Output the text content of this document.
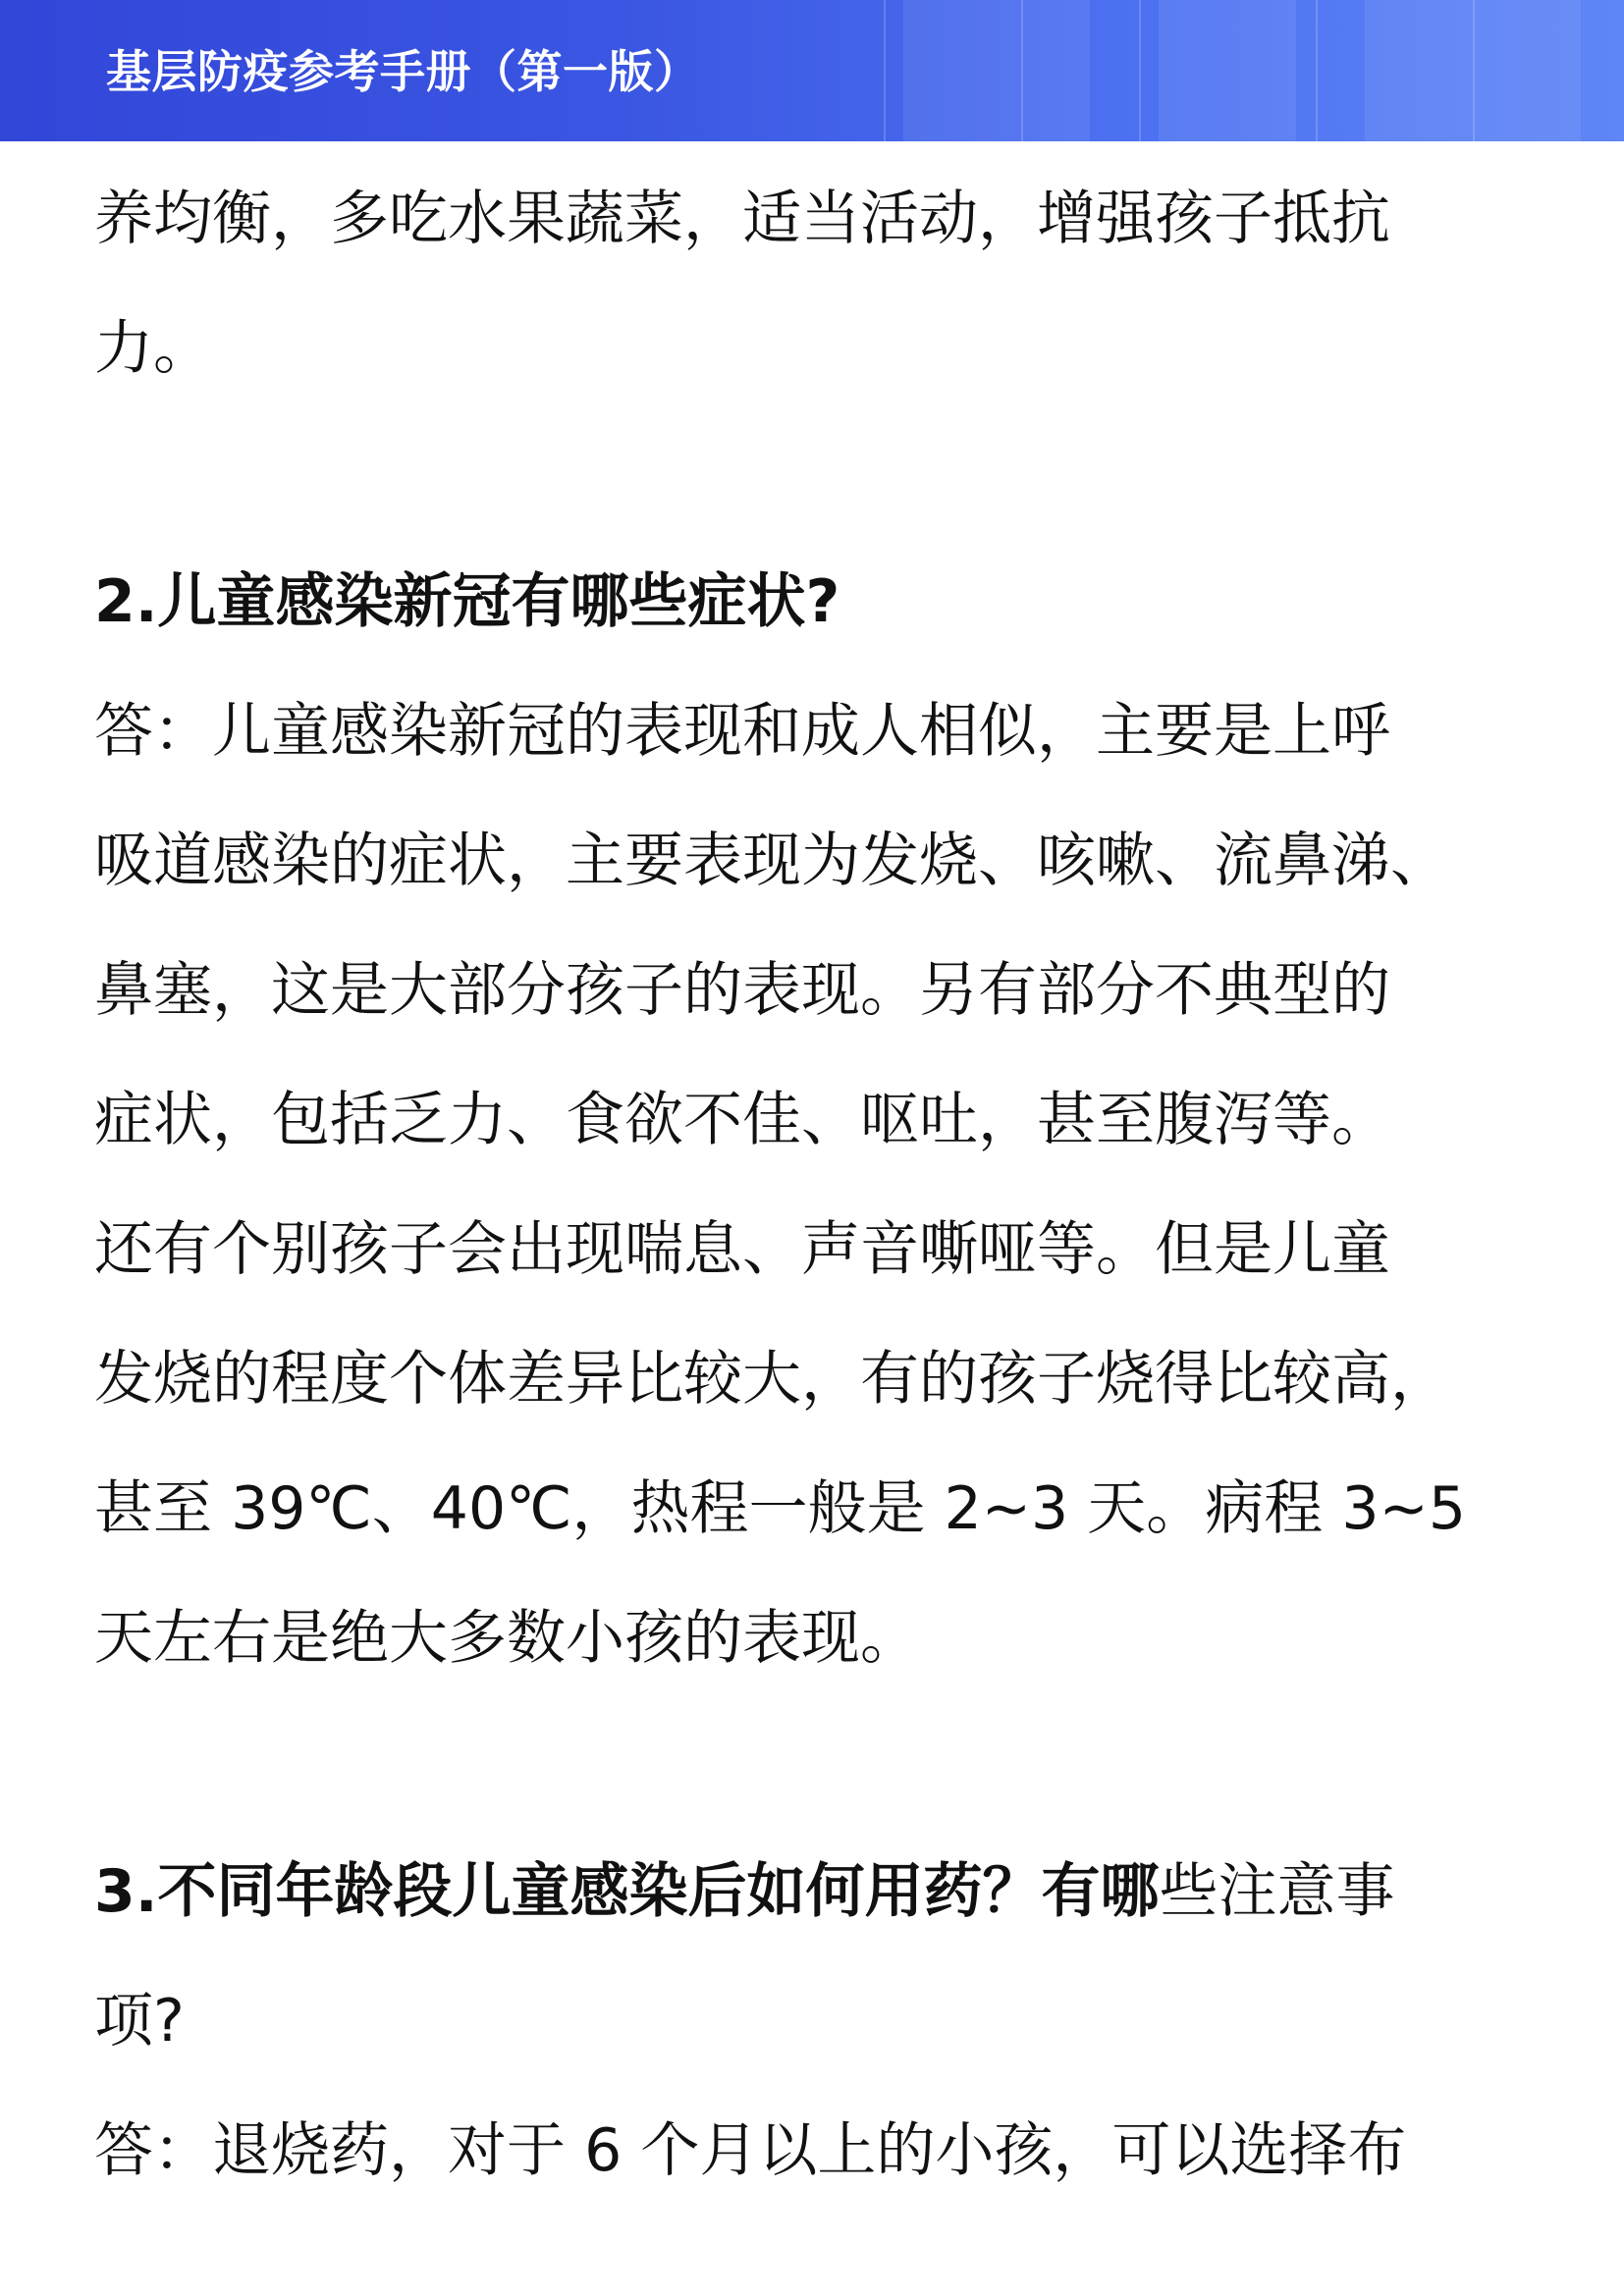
基层防疫参考手册（第一版）
养均衡，多吃水果蔬菜，适当活动，增强孩子抵抗
力。
2.儿童感染新冠有哪些症状?
答：儿童感染新冠的表现和成人相似，主要是上呼
吸道感染的症状，主要表现为发烧、咳嗽、流鼻涕、
鼻塞，这是大部分孩子的表现。另有部分不典型的
症状，包括乏力、食欲不佳、呕吐，甚至腹泻等。
还有个别孩子会出现喘息、声音嘶哑等。但是儿童
发烧的程度个体差异比较大，有的孩子烧得比较高，
甚至 39℃、40℃，热程一般是 2~3 天。病程 3~5
天左右是绝大多数小孩的表现。
3.不同年龄段儿童感染后如何用药？有哪些注意事
项?
答：退烧药，对于 6 个月以上的小孩，可以选择布
